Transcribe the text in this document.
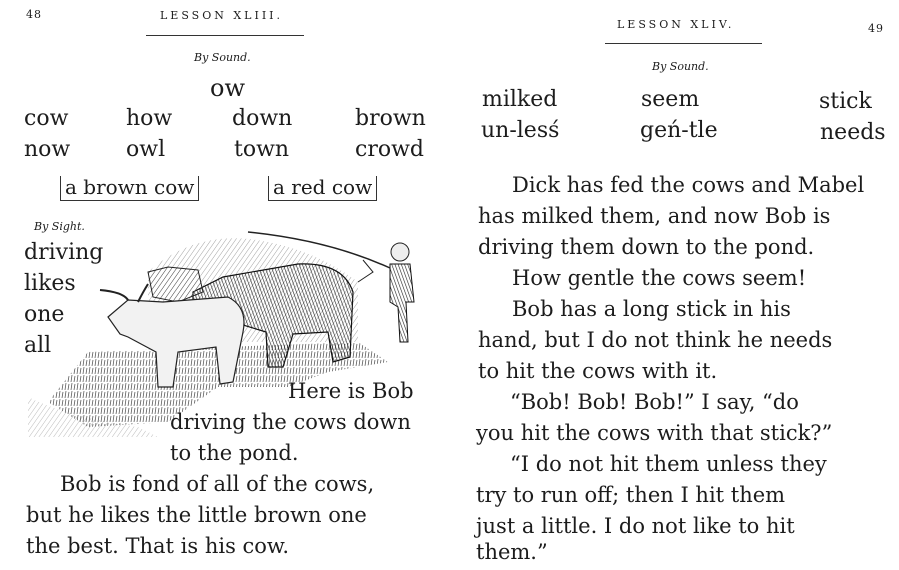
48	LESSON XLIII.
By Sound.
ow
cow	how	down	brown
now	owl	town	crowd
a brown cow	a red cow
By Sight.
driving
likes
one
all
Here is Bob
driving the cows down
to the pond.
Bob is fond of all of the cows,
but he likes the little brown one
the best. That is his cow.
LESSON XLIV.	49
By Sound.
milked	seem	stick
un-lesś	geń-tle	needs
Dick has fed the cows and Mabel
has milked them, and now Bob is
driving them down to the pond.
How gentle the cows seem!
Bob has a long stick in his
hand, but I do not think he needs
to hit the cows with it.
“Bob! Bob! Bob!” I say, “do
you hit the cows with that stick?”
“I do not hit them unless they
try to run off; then I hit them
just a little. I do not like to hit
them.”
